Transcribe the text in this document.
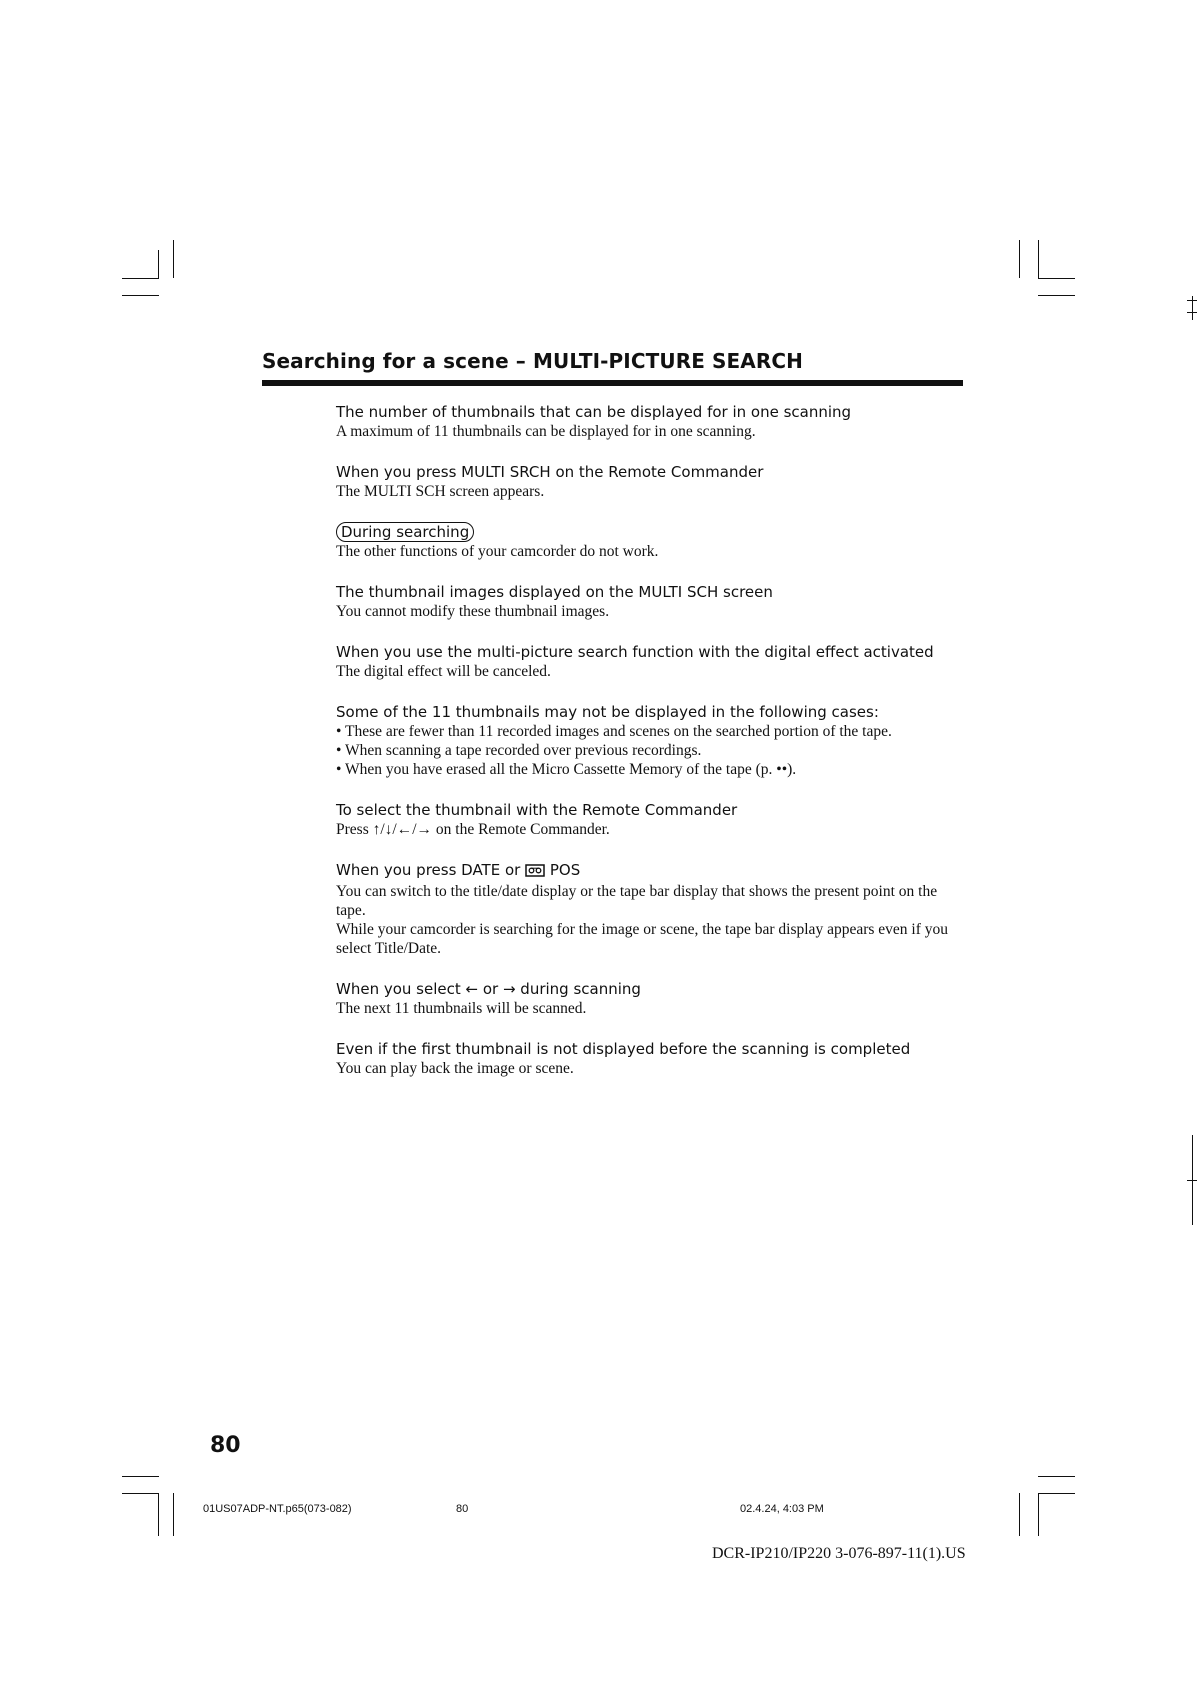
Searching for a scene – MULTI-PICTURE SEARCH
The number of thumbnails that can be displayed for in one scanning
A maximum of 11 thumbnails can be displayed for in one scanning.
When you press MULTI SRCH on the Remote Commander
The MULTI SCH screen appears.
During searching
The other functions of your camcorder do not work.
The thumbnail images displayed on the MULTI SCH screen
You cannot modify these thumbnail images.
When you use the multi-picture search function with the digital effect activated
The digital effect will be canceled.
Some of the 11 thumbnails may not be displayed in the following cases:
• These are fewer than 11 recorded images and scenes on the searched portion of the tape.
• When scanning a tape recorded over previous recordings.
• When you have erased all the Micro Cassette Memory of the tape (p. ••).
To select the thumbnail with the Remote Commander
Press ↑/↓/←/→ on the Remote Commander.
When you press DATE or POS
You can switch to the title/date display or the tape bar display that shows the present point on the tape.
While your camcorder is searching for the image or scene, the tape bar display appears even if you select Title/Date.
When you select ← or → during scanning
The next 11 thumbnails will be scanned.
Even if the first thumbnail is not displayed before the scanning is completed
You can play back the image or scene.
80
01US07ADP-NT.p65(073-082)	80	02.4.24, 4:03 PM
DCR-IP210/IP220 3-076-897-11(1).US
